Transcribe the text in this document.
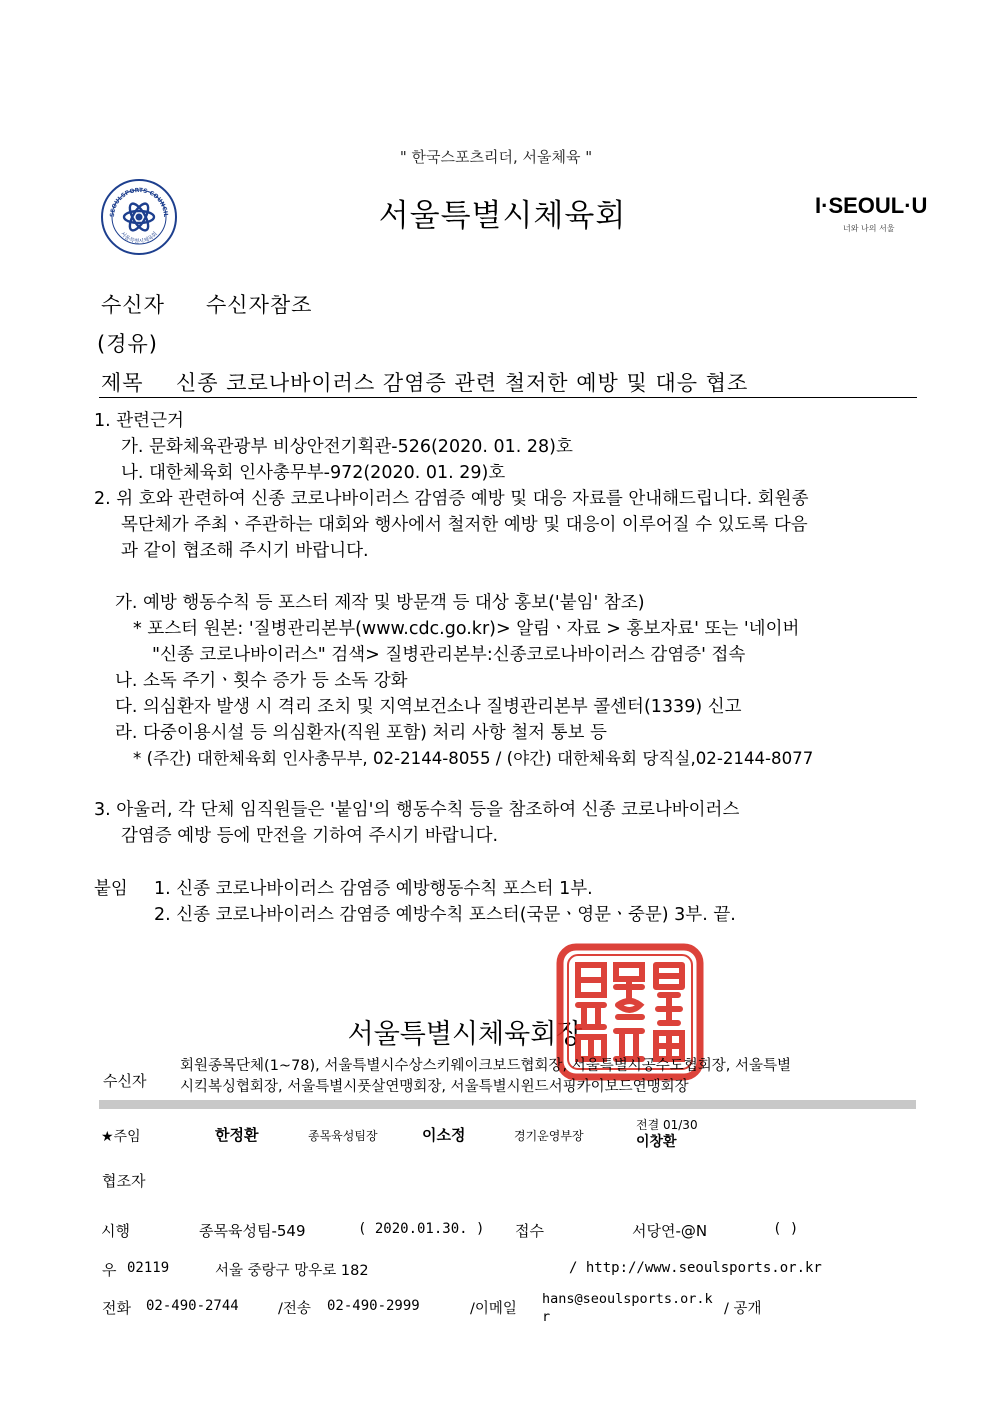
" 한국스포츠리더, 서울체육 "
SEOULSPORTS COUNCIL
서울특별시체육회
서울특별시체육회	I·SEOUL·U
너와 나의 서울
수신자 수신자참조
(경유)
제목 신종 코로나바이러스 감염증 관련 철저한 예방 및 대응 협조
1. 관련근거
가. 문화체육관광부 비상안전기획관-526(2020. 01. 28)호
나. 대한체육회 인사총무부-972(2020. 01. 29)호
2. 위 호와 관련하여 신종 코로나바이러스 감염증 예방 및 대응 자료를 안내해드립니다. 회원종
목단체가 주최ㆍ주관하는 대회와 행사에서 철저한 예방 및 대응이 이루어질 수 있도록 다음
과 같이 협조해 주시기 바랍니다.
가. 예방 행동수칙 등 포스터 제작 및 방문객 등 대상 홍보('붙임' 참조)
* 포스터 원본: '질병관리본부(www.cdc.go.kr)> 알림ㆍ자료 > 홍보자료' 또는 '네이버
"신종 코로나바이러스" 검색> 질병관리본부:신종코로나바이러스 감염증' 접속
나. 소독 주기ㆍ횟수 증가 등 소독 강화
다. 의심환자 발생 시 격리 조치 및 지역보건소나 질병관리본부 콜센터(1339) 신고
라. 다중이용시설 등 의심환자(직원 포함) 처리 사항 철저 통보 등
* (주간) 대한체육회 인사총무부, 02-2144-8055 / (야간) 대한체육회 당직실,02-2144-8077
3. 아울러, 각 단체 임직원들은 '붙임'의 행동수칙 등을 참조하여 신종 코로나바이러스
감염증 예방 등에 만전을 기하여 주시기 바랍니다.
붙임 1. 신종 코로나바이러스 감염증 예방행동수칙 포스터 1부.
2. 신종 코로나바이러스 감염증 예방수칙 포스터(국문ㆍ영문ㆍ중문) 3부. 끝.
서울특별시체육회장
수신자
회원종목단체(1~78), 서울특별시수상스키웨이크보드협회장, 서울특별시공수도협회장, 서울특별
시킥복싱협회장, 서울특별시풋살연맹회장, 서울특별시윈드서핑카이보드연맹회장
★주임	한정환	종목육성팀장	이소정	경기운영부장
전결 01/30
이창환
협조자
시행	종목육성팀-549	( 2020.01.30. ) 접수	서당연-@N	( )
우 02119	서울 중랑구 망우로 182	/ http://www.seoulsports.or.kr
전화 02-490-2744	/전송 02-490-2999	/이메일
hans@seoulsports.or.k
r	/ 공개
